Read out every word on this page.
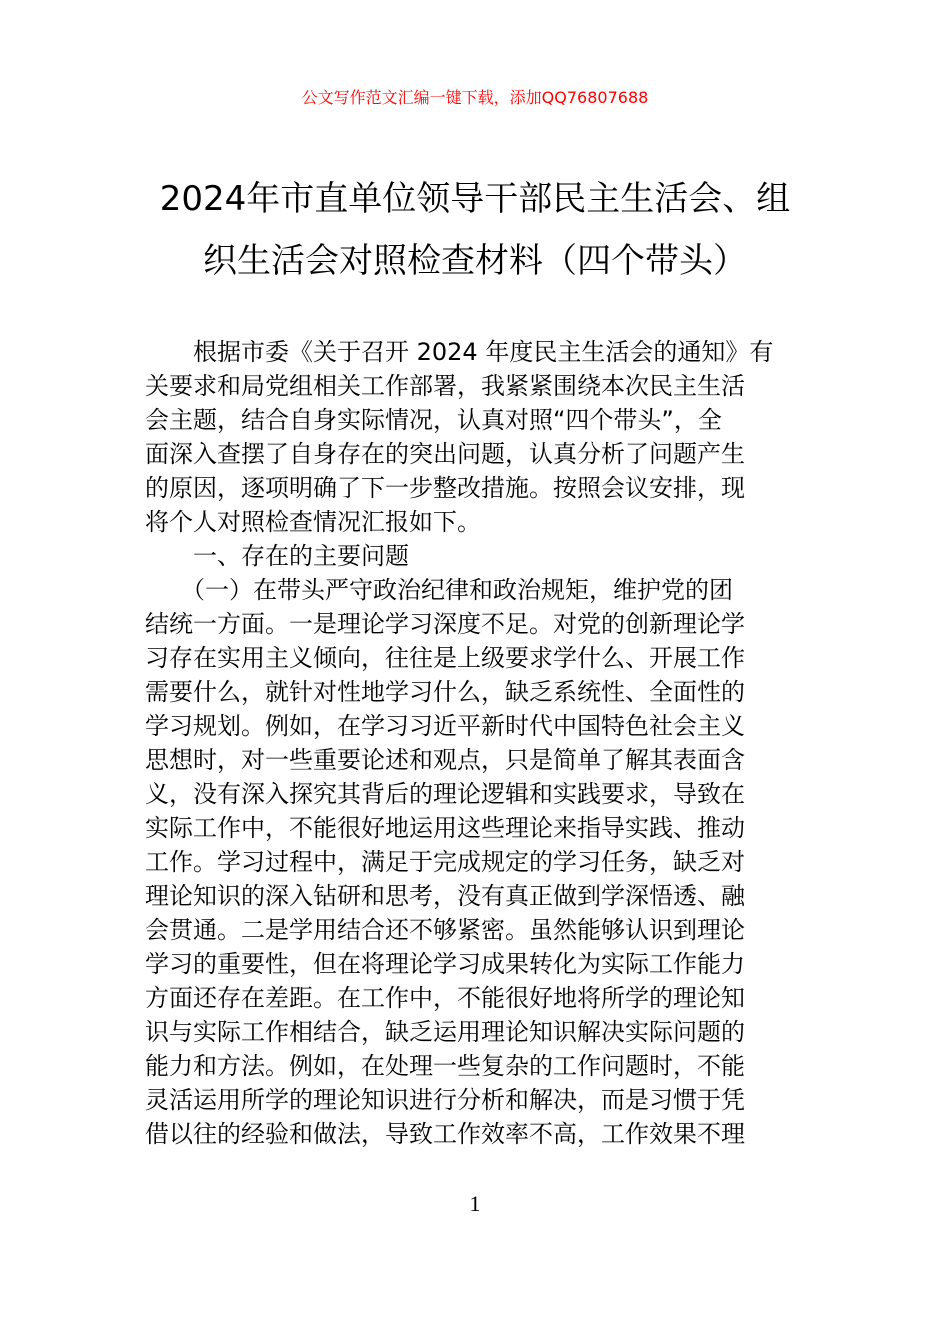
公文写作范文汇编一键下载，添加QQ76807688
2024年市直单位领导干部民主生活会、组
织生活会对照检查材料（四个带头）
　　根据市委《关于召开 2024 年度民主生活会的通知》有
关要求和局党组相关工作部署，我紧紧围绕本次民主生活
会主题，结合自身实际情况，认真对照“四个带头”，全
面深入查摆了自身存在的突出问题，认真分析了问题产生
的原因，逐项明确了下一步整改措施。按照会议安排，现
将个人对照检查情况汇报如下。
　　一、存在的主要问题
　　（一）在带头严守政治纪律和政治规矩，维护党的团
结统一方面。一是理论学习深度不足。对党的创新理论学
习存在实用主义倾向，往往是上级要求学什么、开展工作
需要什么，就针对性地学习什么，缺乏系统性、全面性的
学习规划。例如，在学习习近平新时代中国特色社会主义
思想时，对一些重要论述和观点，只是简单了解其表面含
义，没有深入探究其背后的理论逻辑和实践要求，导致在
实际工作中，不能很好地运用这些理论来指导实践、推动
工作。学习过程中，满足于完成规定的学习任务，缺乏对
理论知识的深入钻研和思考，没有真正做到学深悟透、融
会贯通。二是学用结合还不够紧密。虽然能够认识到理论
学习的重要性，但在将理论学习成果转化为实际工作能力
方面还存在差距。在工作中，不能很好地将所学的理论知
识与实际工作相结合，缺乏运用理论知识解决实际问题的
能力和方法。例如，在处理一些复杂的工作问题时，不能
灵活运用所学的理论知识进行分析和解决，而是习惯于凭
借以往的经验和做法，导致工作效率不高，工作效果不理
1
